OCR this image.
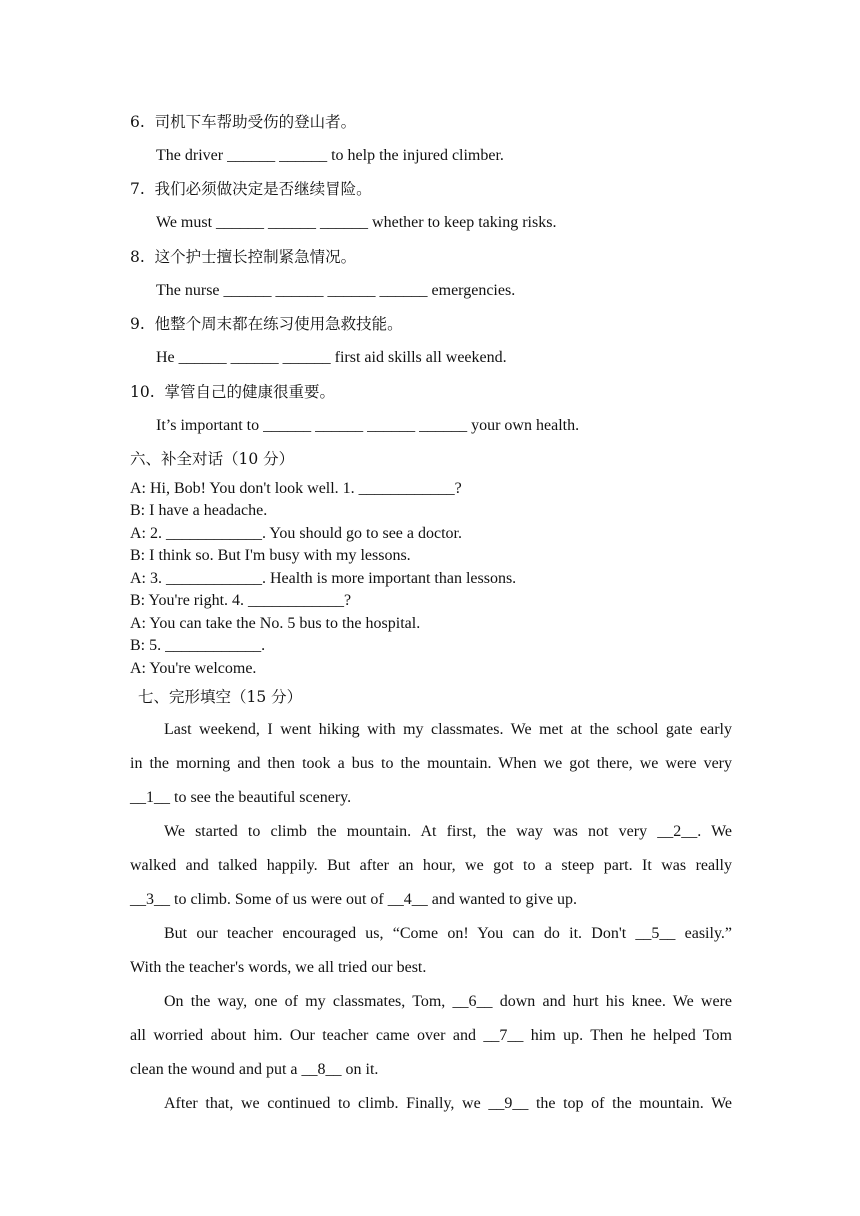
6.  司机下车帮助受伤的登山者。
The driver ______ ______ to help the injured climber.
7.  我们必须做决定是否继续冒险。
We must ______ ______ ______ whether to keep taking risks.
8.  这个护士擅长控制紧急情况。
The nurse ______ ______ ______ ______ emergencies.
9.  他整个周末都在练习使用急救技能。
He ______ ______ ______ first aid skills all weekend.
10.  掌管自己的健康很重要。
It’s important to ______ ______ ______ ______ your own health.
六、补全对话（10 分）
A: Hi, Bob! You don't look well. 1. ____________?
B: I have a headache.
A: 2. ____________. You should go to see a doctor.
B: I think so. But I'm busy with my lessons.
A: 3. ____________. Health is more important than lessons.
B: You're right. 4. ____________?
A: You can take the No. 5 bus to the hospital.
B: 5. ____________.
A: You're welcome.
七、完形填空（15 分）
Last weekend, I went hiking with my classmates. We met at the school gate early
in the morning and then took a bus to the mountain. When we got there, we were very
__1__ to see the beautiful scenery.
We started to climb the mountain. At first, the way was not very __2__. We
walked and talked happily. But after an hour, we got to a steep part. It was really
__3__ to climb. Some of us were out of __4__ and wanted to give up.
But our teacher encouraged us, “Come on! You can do it. Don't __5__ easily.”
With the teacher's words, we all tried our best.
On the way, one of my classmates, Tom, __6__ down and hurt his knee. We were
all worried about him. Our teacher came over and __7__ him up. Then he helped Tom
clean the wound and put a __8__ on it.
After that, we continued to climb. Finally, we __9__ the top of the mountain. We
